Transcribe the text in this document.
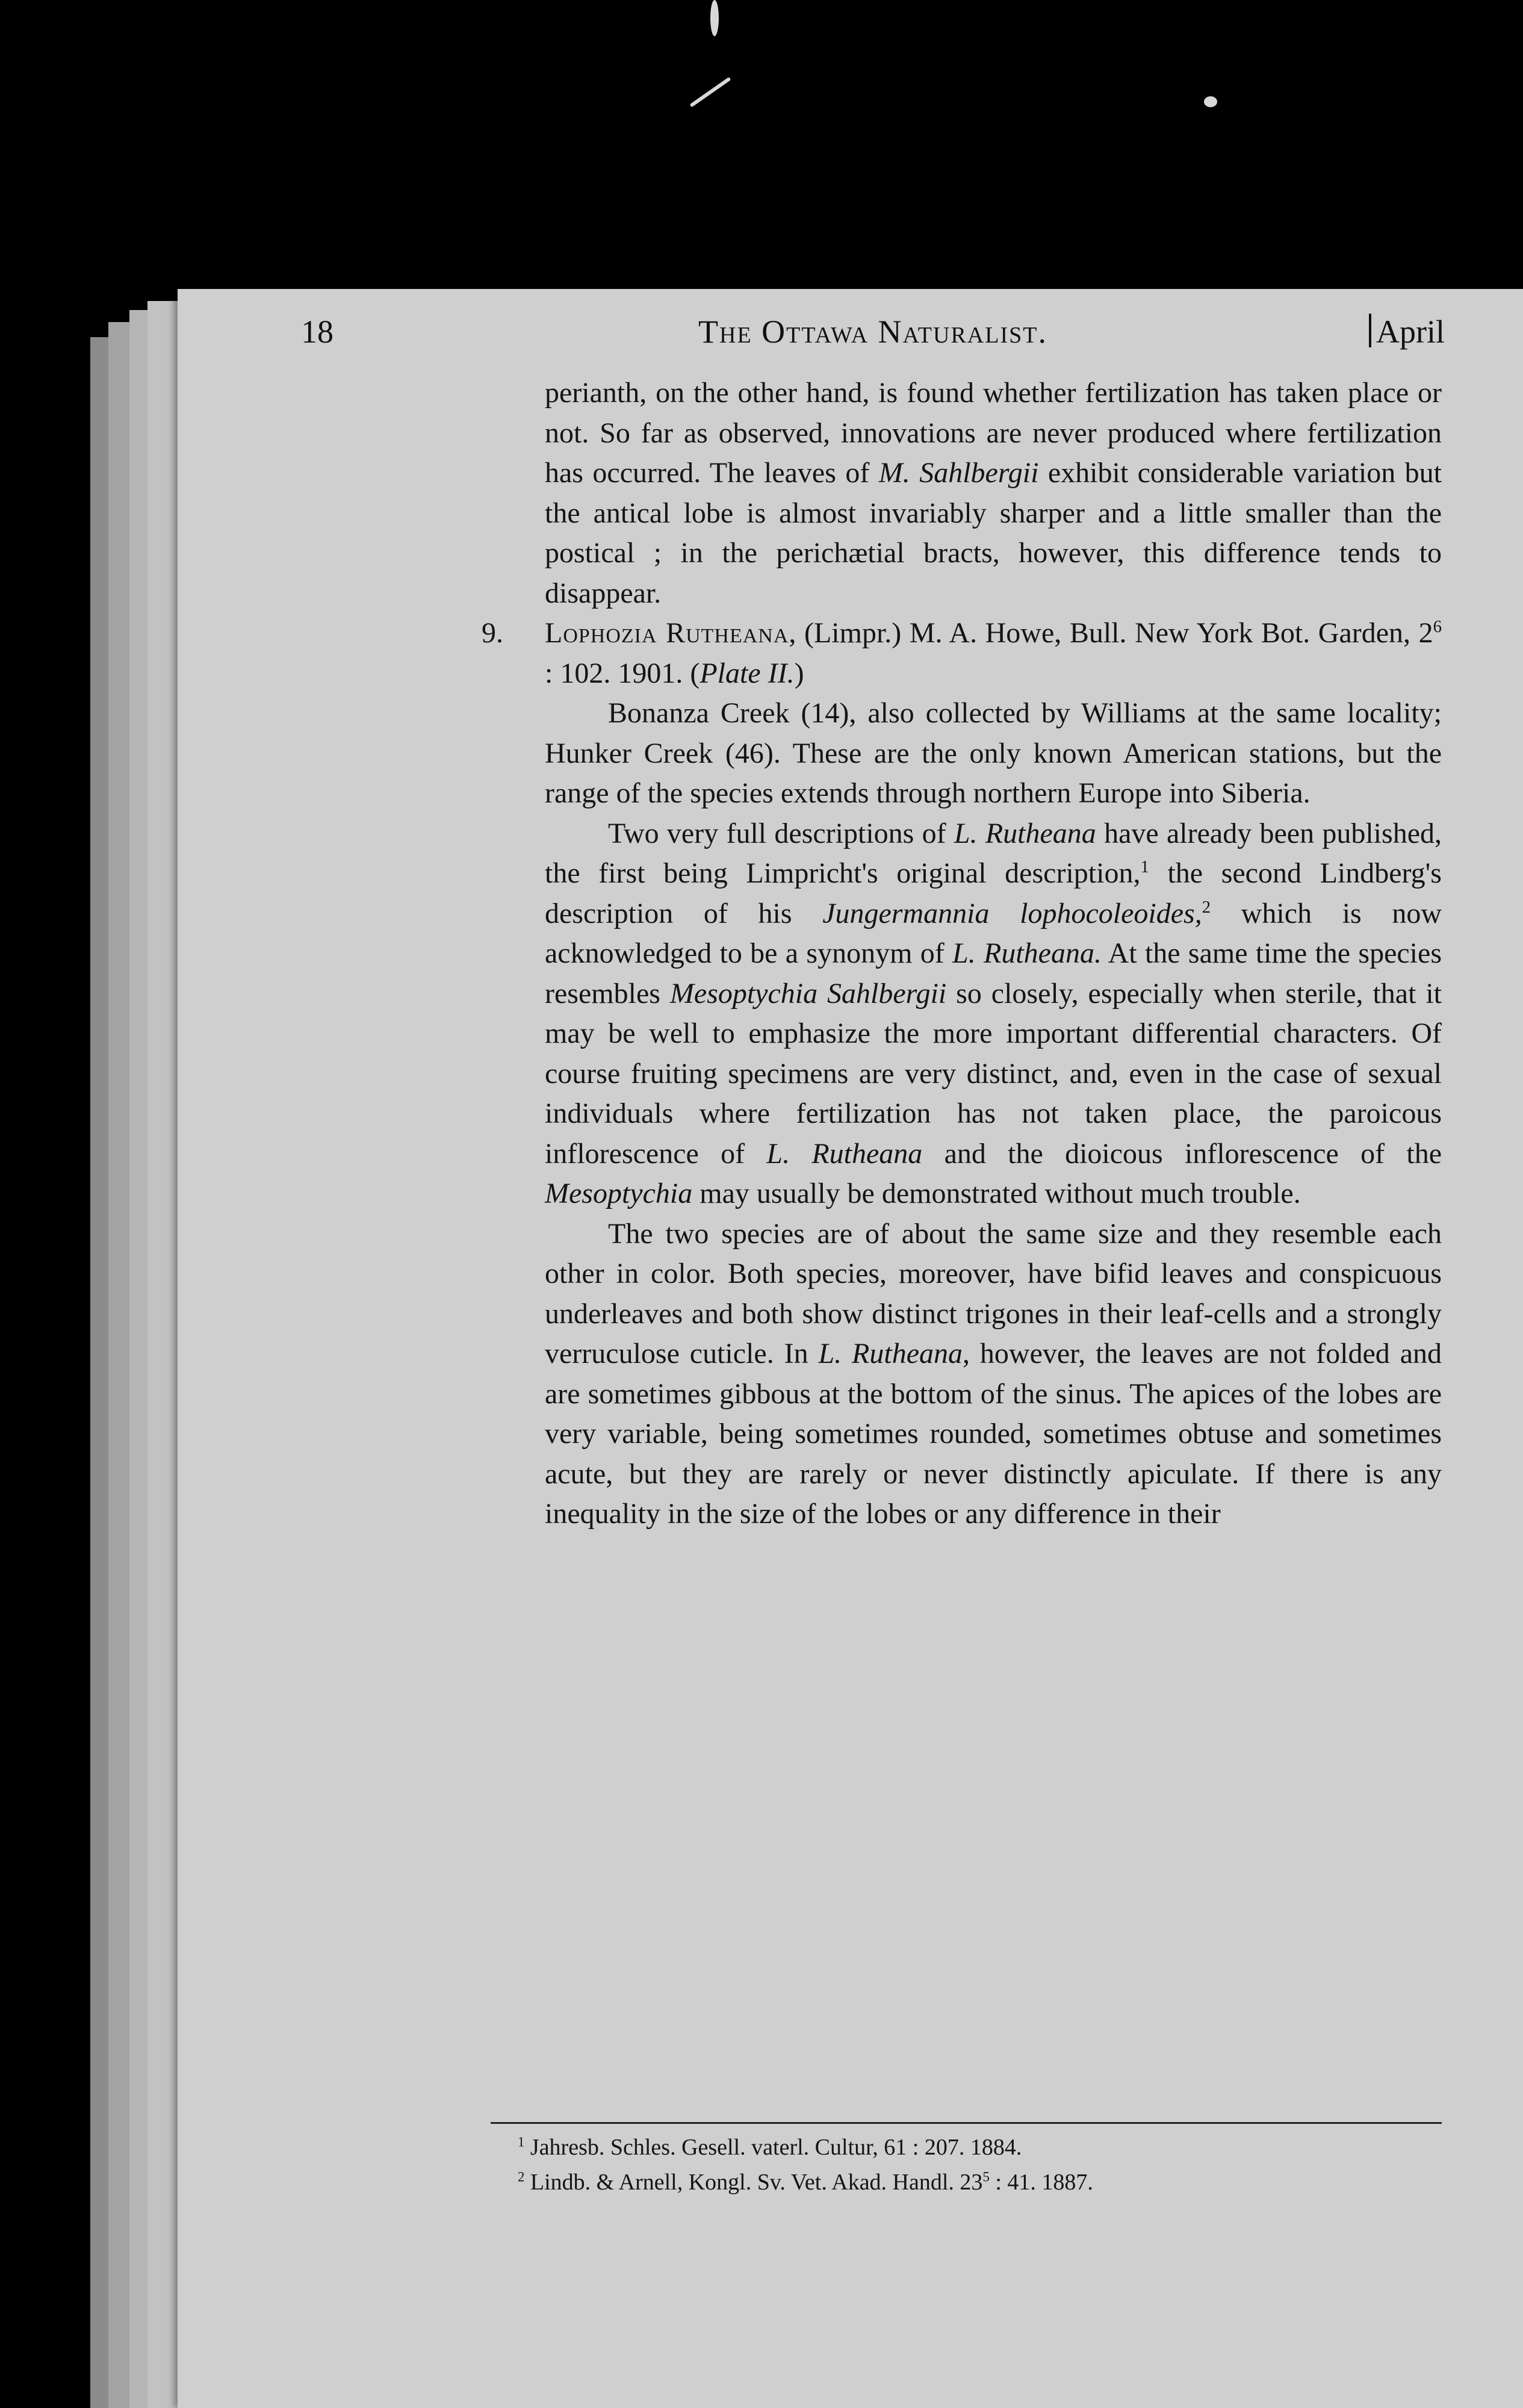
18	The Ottawa Naturalist.	April

perianth, on the other hand, is found whether fertilization has taken place or not. So far as observed, innovations are never produced where fertilization has occurred. The leaves of M. Sahlbergii exhibit considerable variation but the antical lobe is almost invariably sharper and a little smaller than the postical ; in the perichætial bracts, however, this difference tends to disappear.

9. Lophozia Rutheana, (Limpr.) M. A. Howe, Bull. New York Bot. Garden, $2^6$ : 102. 1901. (Plate II.)

Bonanza Creek (14), also collected by Williams at the same locality; Hunker Creek (46). These are the only known American stations, but the range of the species extends through northern Europe into Siberia.

Two very full descriptions of L. Rutheana have already been published, the first being Limpricht's original description,$^1$ the second Lindberg's description of his Jungermannia lophocoleoides,$^2$ which is now acknowledged to be a synonym of L. Rutheana. At the same time the species resembles Mesoptychia Sahlbergii so closely, especially when sterile, that it may be well to emphasize the more important differential characters. Of course fruiting specimens are very distinct, and, even in the case of sexual individuals where fertilization has not taken place, the paroicous inflorescence of L. Rutheana and the dioicous inflorescence of the Mesoptychia may usually be demonstrated without much trouble.

The two species are of about the same size and they resemble each other in color. Both species, moreover, have bifid leaves and conspicuous underleaves and both show distinct trigones in their leaf-cells and a strongly verruculose cuticle. In L. Rutheana, however, the leaves are not folded and are sometimes gibbous at the bottom of the sinus. The apices of the lobes are very variable, being sometimes rounded, sometimes obtuse and sometimes acute, but they are rarely or never distinctly apiculate. If there is any inequality in the size of the lobes or any difference in their

$^1$ Jahresb. Schles. Gesell. vaterl. Cultur, 61 : 207. 1884.

$^2$ Lindb. & Arnell, Kongl. Sv. Vet. Akad. Handl. $23^5$ : 41. 1887.
